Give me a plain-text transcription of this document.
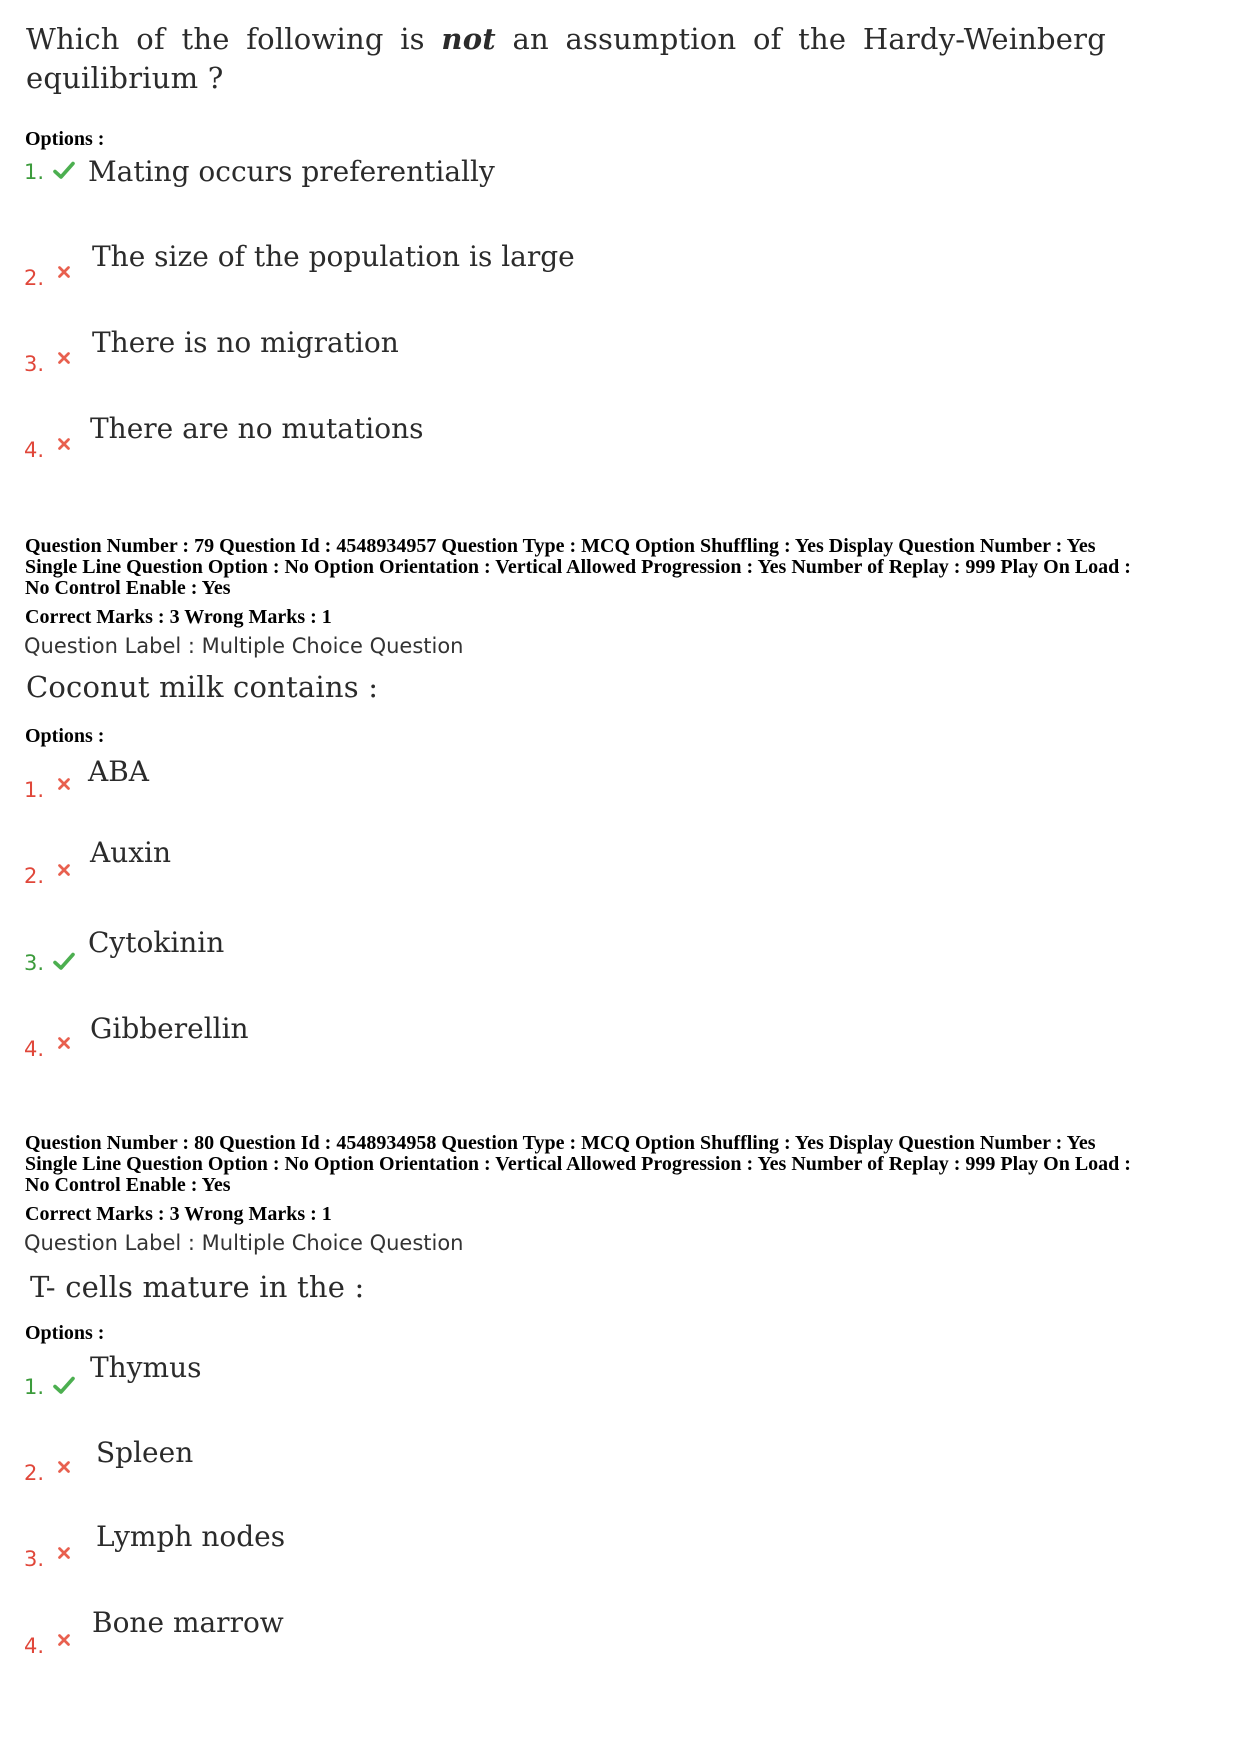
Which of the following is not an assumption of the Hardy-Weinberg equilibrium ?
Options :
1. Mating occurs preferentially
2.
The size of the population is large
3.
There is no migration
4.
There are no mutations
Question Number : 79 Question Id : 4548934957 Question Type : MCQ Option Shuffling : Yes Display Question Number : Yes
Single Line Question Option : No Option Orientation : Vertical Allowed Progression : Yes Number of Replay : 999 Play On Load :
No Control Enable : Yes
Correct Marks : 3 Wrong Marks : 1
Question Label : Multiple Choice Question
Coconut milk contains :
Options :
1.
ABA
2.
Auxin
3.
Cytokinin
4.
Gibberellin
Question Number : 80 Question Id : 4548934958 Question Type : MCQ Option Shuffling : Yes Display Question Number : Yes
Single Line Question Option : No Option Orientation : Vertical Allowed Progression : Yes Number of Replay : 999 Play On Load :
No Control Enable : Yes
Correct Marks : 3 Wrong Marks : 1
Question Label : Multiple Choice Question
T- cells mature in the :
Options :
1.
Thymus
2.
Spleen
3.
Lymph nodes
4.
Bone marrow
